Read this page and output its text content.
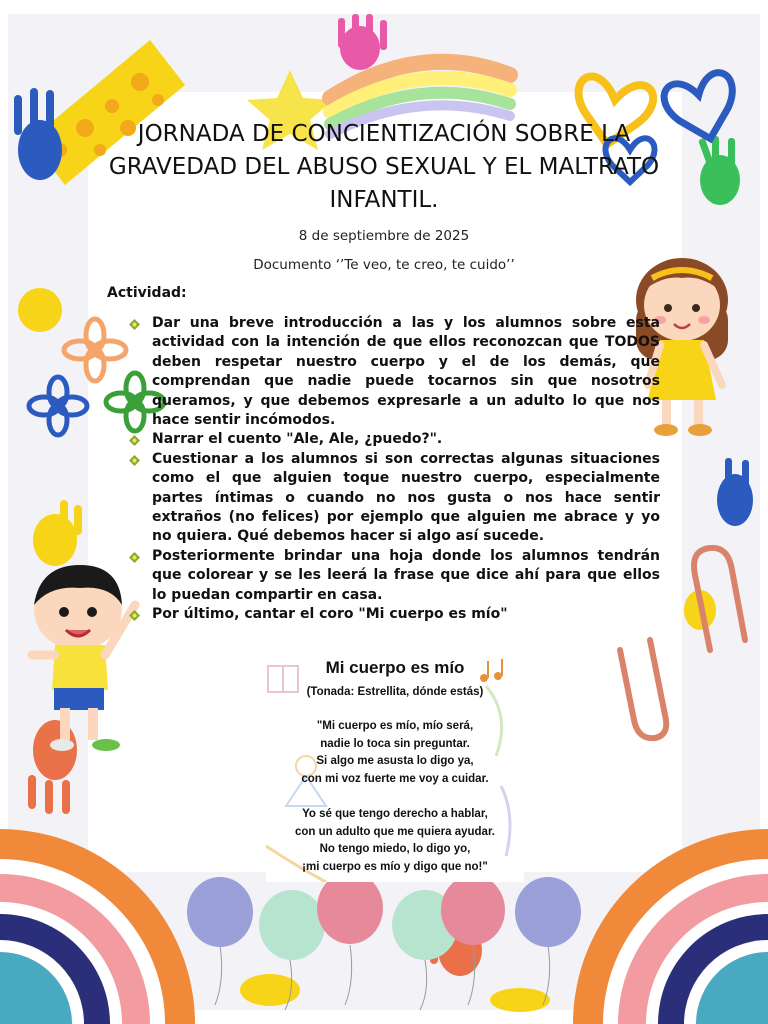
JORNADA DE CONCIENTIZACIÓN SOBRE LA GRAVEDAD DEL ABUSO SEXUAL Y EL MALTRATO INFANTIL.
8 de septiembre de 2025
Documento ‘’Te veo, te creo, te cuido’’
Actividad:
Dar una breve introducción a las y los alumnos sobre esta actividad con la intención de que ellos reconozcan que TODOS deben respetar nuestro cuerpo y el de los demás, que comprendan que nadie puede tocarnos sin que nosotros queramos, y que debemos expresarle a un adulto lo que nos hace sentir incómodos.
Narrar el cuento "Ale, Ale, ¿puedo?".
Cuestionar a los alumnos si son correctas algunas situaciones como el que alguien toque nuestro cuerpo, especialmente partes íntimas o cuando no nos gusta o nos hace sentir extraños (no felices) por ejemplo que alguien me abrace y yo no quiera. Qué debemos hacer si algo así sucede.
Posteriormente brindar una hoja donde los alumnos tendrán que colorear y se les leerá la frase que dice ahí para que ellos lo puedan compartir en casa.
Por último, cantar el coro "Mi cuerpo es mío"
Mi cuerpo es mío
(Tonada: Estrellita, dónde estás)
"Mi cuerpo es mío, mío será,
nadie lo toca sin preguntar.
Si algo me asusta lo digo ya,
con mi voz fuerte me voy a cuidar.
Yo sé que tengo derecho a hablar,
con un adulto que me quiera ayudar.
No tengo miedo, lo digo yo,
¡mi cuerpo es mío y digo que no!"
